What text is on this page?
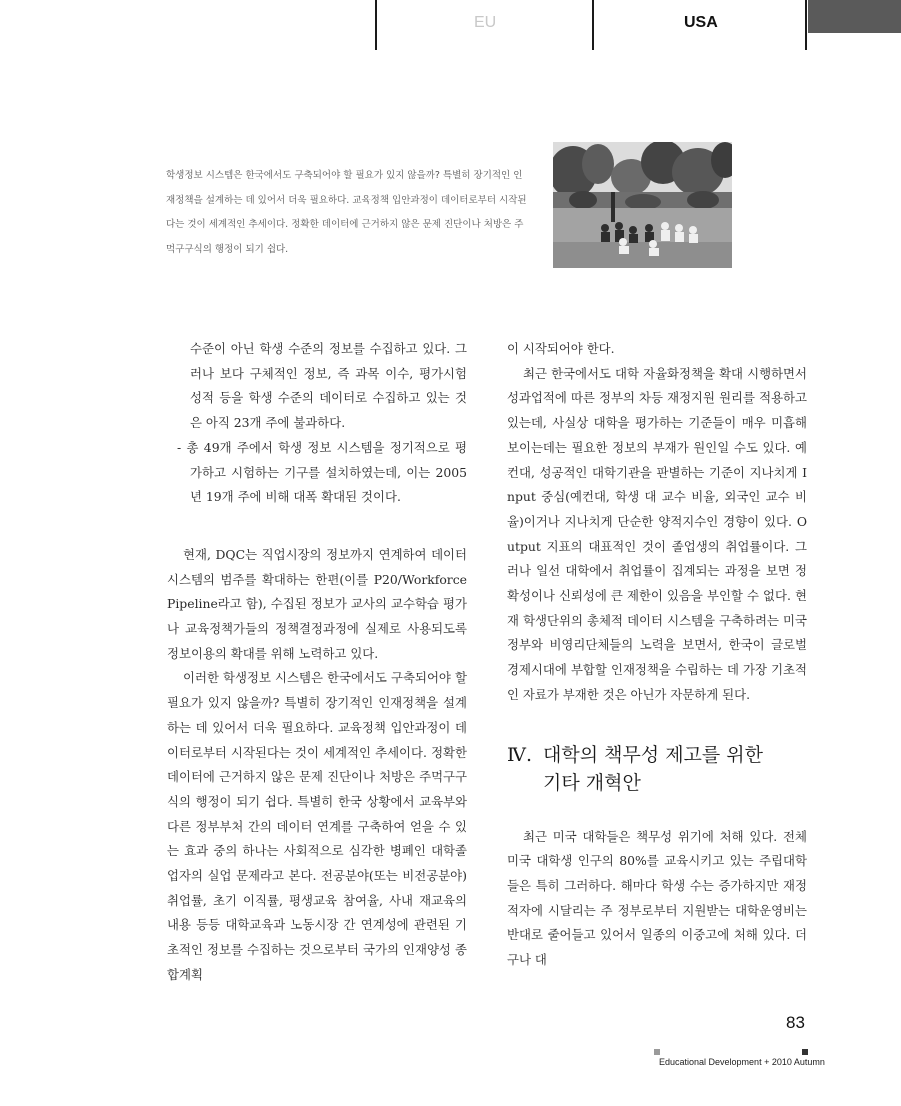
EU	USA

학생정보 시스템은 한국에서도 구축되어야 할 필요가 있지 않을까? 특별히 장기적인 인재정책을 설계하는 데 있어서 더욱 필요하다. 교육정책 입안과정이 데이터로부터 시작된다는 것이 세계적인 추세이다. 정확한 데이터에 근거하지 않은 문제 진단이나 처방은 주먹구구식의 행정이 되기 쉽다.

수준이 아닌 학생 수준의 정보를 수집하고 있다. 그러나 보다 구체적인 정보, 즉 과목 이수, 평가시험 성적 등을 학생 수준의 데이터로 수집하고 있는 것은 아직 23개 주에 불과하다.

- 총 49개 주에서 학생 정보 시스템을 정기적으로 평가하고 시험하는 기구를 설치하였는데, 이는 2005년 19개 주에 비해 대폭 확대된 것이다.

현재, DQC는 직업시장의 정보까지 연계하여 데이터 시스템의 범주를 확대하는 한편(이를 P20/Workforce Pipeline라고 함), 수집된 정보가 교사의 교수학습 평가나 교육정책가들의 정책결정과정에 실제로 사용되도록 정보이용의 확대를 위해 노력하고 있다.

이러한 학생정보 시스템은 한국에서도 구축되어야 할 필요가 있지 않을까? 특별히 장기적인 인재정책을 설계하는 데 있어서 더욱 필요하다. 교육정책 입안과정이 데이터로부터 시작된다는 것이 세계적인 추세이다. 정확한 데이터에 근거하지 않은 문제 진단이나 처방은 주먹구구식의 행정이 되기 쉽다. 특별히 한국 상황에서 교육부와 다른 정부부처 간의 데이터 연계를 구축하여 얻을 수 있는 효과 중의 하나는 사회적으로 심각한 병폐인 대학졸업자의 실업 문제라고 본다. 전공분야(또는 비전공분야) 취업률, 초기 이직률, 평생교육 참여율, 사내 재교육의 내용 등등 대학교육과 노동시장 간 연계성에 관련된 기초적인 정보를 수집하는 것으로부터 국가의 인재양성 종합계획

이 시작되어야 한다.

최근 한국에서도 대학 자율화정책을 확대 시행하면서 성과업적에 따른 정부의 차등 재정지원 원리를 적용하고 있는데, 사실상 대학을 평가하는 기준들이 매우 미흡해 보이는데는 필요한 정보의 부재가 원인일 수도 있다. 예컨대, 성공적인 대학기관을 판별하는 기준이 지나치게 Input 중심(예컨대, 학생 대 교수 비율, 외국인 교수 비율)이거나 지나치게 단순한 양적지수인 경향이 있다. Output 지표의 대표적인 것이 졸업생의 취업률이다. 그러나 일선 대학에서 취업률이 집계되는 과정을 보면 정확성이나 신뢰성에 큰 제한이 있음을 부인할 수 없다. 현재 학생단위의 총체적 데이터 시스템을 구축하려는 미국 정부와 비영리단체들의 노력을 보면서, 한국이 글로벌 경제시대에 부합할 인재정책을 수립하는 데 가장 기초적인 자료가 부재한 것은 아닌가 자문하게 된다.

Ⅳ. 대학의 책무성 제고를 위한
기타 개혁안

최근 미국 대학들은 책무성 위기에 처해 있다. 전체 미국 대학생 인구의 80%를 교육시키고 있는 주립대학들은 특히 그러하다. 해마다 학생 수는 증가하지만 재정적자에 시달리는 주 정부로부터 지원받는 대학운영비는 반대로 줄어들고 있어서 일종의 이중고에 처해 있다. 더구나 대

83
Educational Development + 2010 Autumn
